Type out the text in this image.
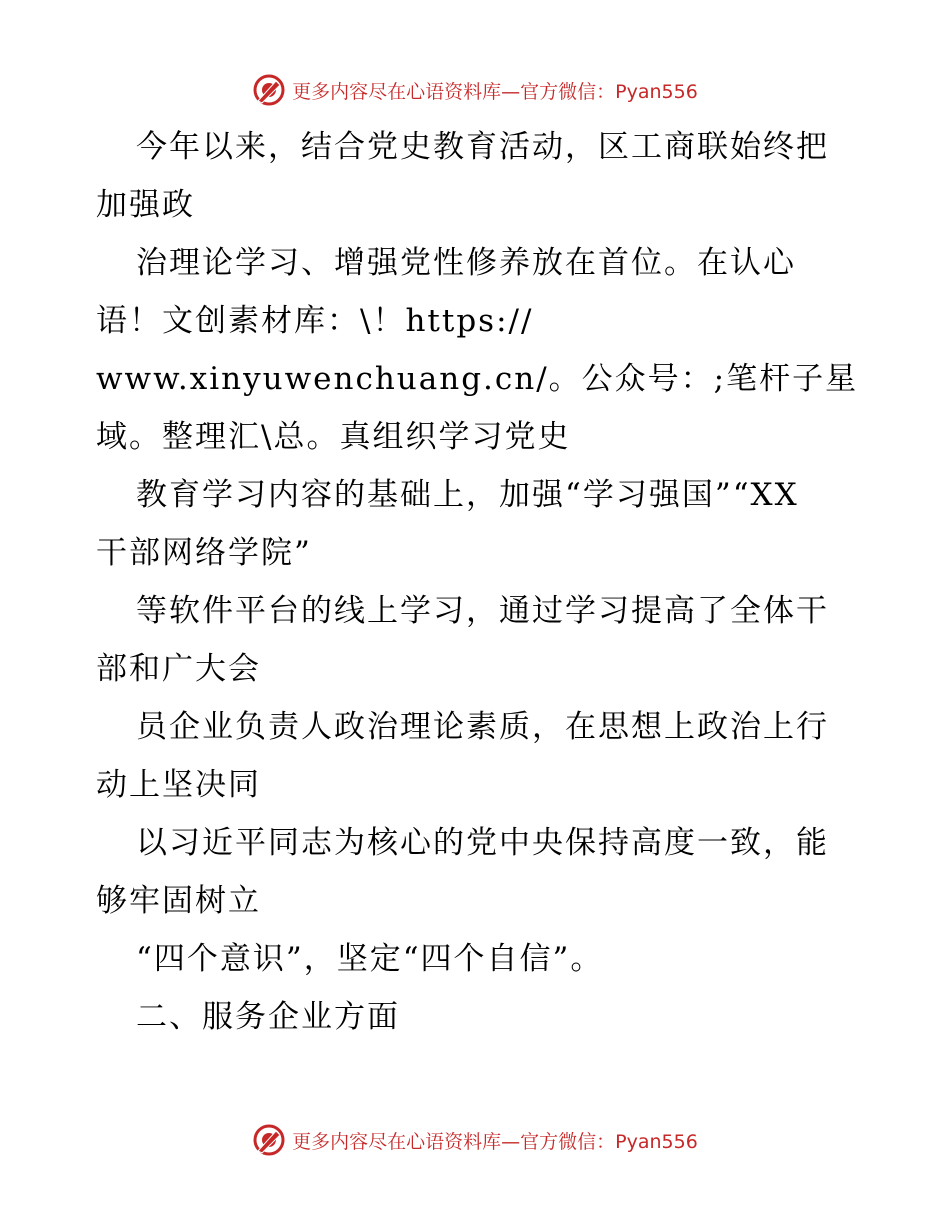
更多内容尽在心语资料库—官方微信：Pyan556
今年以来，结合党史教育活动，区工商联始终把
加强政
治理论学习、增强党性修养放在首位。在认心
语！文创素材库：\！https://
www.xinyuwenchuang.cn/。公众号：;笔杆子星
域。整理汇\总。真组织学习党史
教育学习内容的基础上，加强“学习强国”“XX
干部网络学院”
等软件平台的线上学习，通过学习提高了全体干
部和广大会
员企业负责人政治理论素质，在思想上政治上行
动上坚决同
以习近平同志为核心的党中央保持高度一致，能
够牢固树立
“四个意识”，坚定“四个自信”。
二、服务企业方面
更多内容尽在心语资料库—官方微信：Pyan556
